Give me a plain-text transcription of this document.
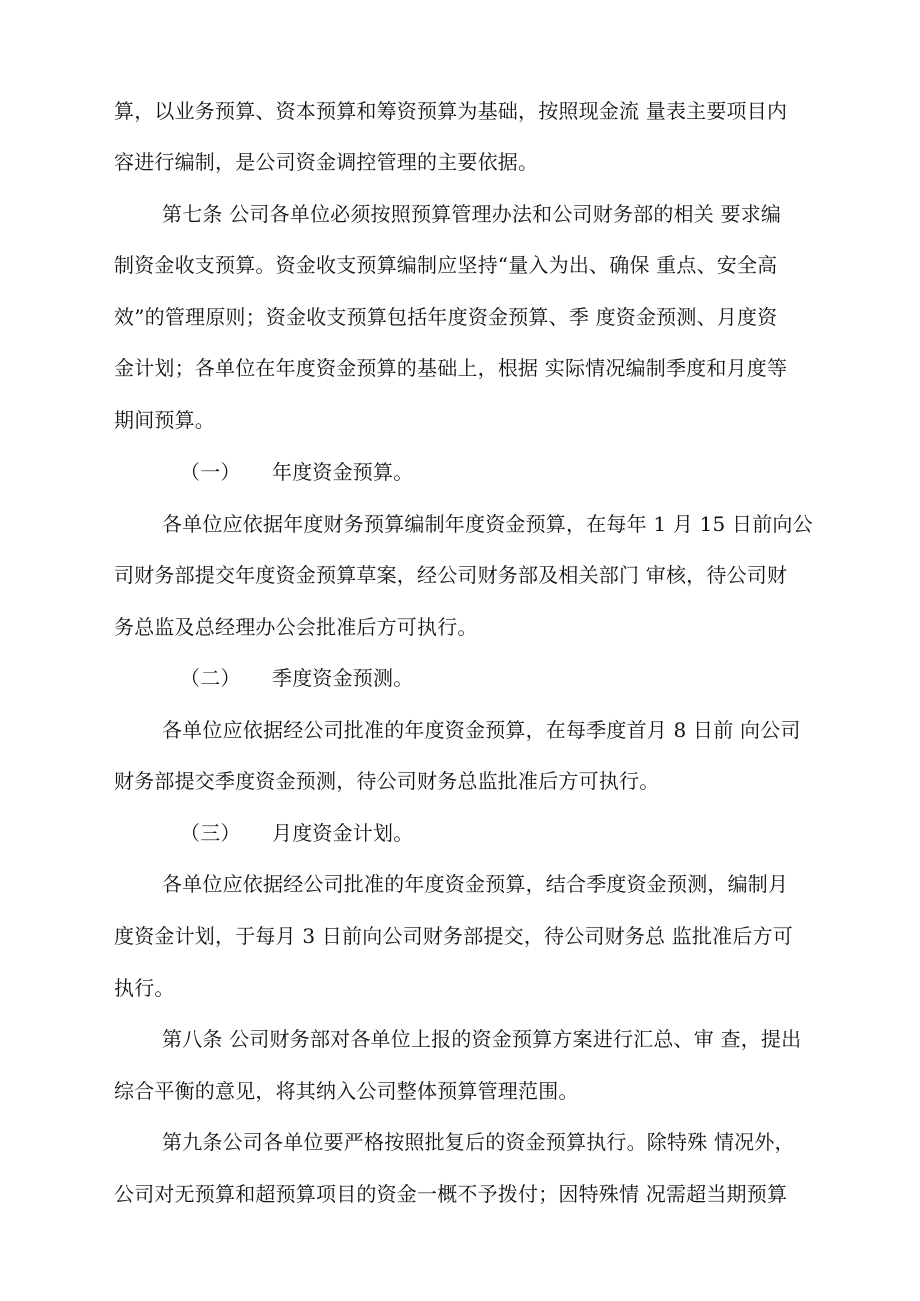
算，以业务预算、资本预算和筹资预算为基础，按照现金流 量表主要项目内
容进行编制，是公司资金调控管理的主要依据。
第七条 公司各单位必须按照预算管理办法和公司财务部的相关 要求编
制资金收支预算。资金收支预算编制应坚持“量入为出、确保 重点、安全高
效”的管理原则；资金收支预算包括年度资金预算、季 度资金预测、月度资
金计划；各单位在年度资金预算的基础上，根据 实际情况编制季度和月度等
期间预算。
（一） 年度资金预算。
各单位应依据年度财务预算编制年度资金预算，在每年 1 月 15 日前向公
司财务部提交年度资金预算草案，经公司财务部及相关部门 审核，待公司财
务总监及总经理办公会批准后方可执行。
（二） 季度资金预测。
各单位应依据经公司批准的年度资金预算，在每季度首月 8 日前 向公司
财务部提交季度资金预测，待公司财务总监批准后方可执行。
（三） 月度资金计划。
各单位应依据经公司批准的年度资金预算，结合季度资金预测，编制月
度资金计划，于每月 3 日前向公司财务部提交，待公司财务总 监批准后方可
执行。
第八条 公司财务部对各单位上报的资金预算方案进行汇总、审 查，提出
综合平衡的意见，将其纳入公司整体预算管理范围。
第九条公司各单位要严格按照批复后的资金预算执行。除特殊 情况外，
公司对无预算和超预算项目的资金一概不予拨付；因特殊情 况需超当期预算
